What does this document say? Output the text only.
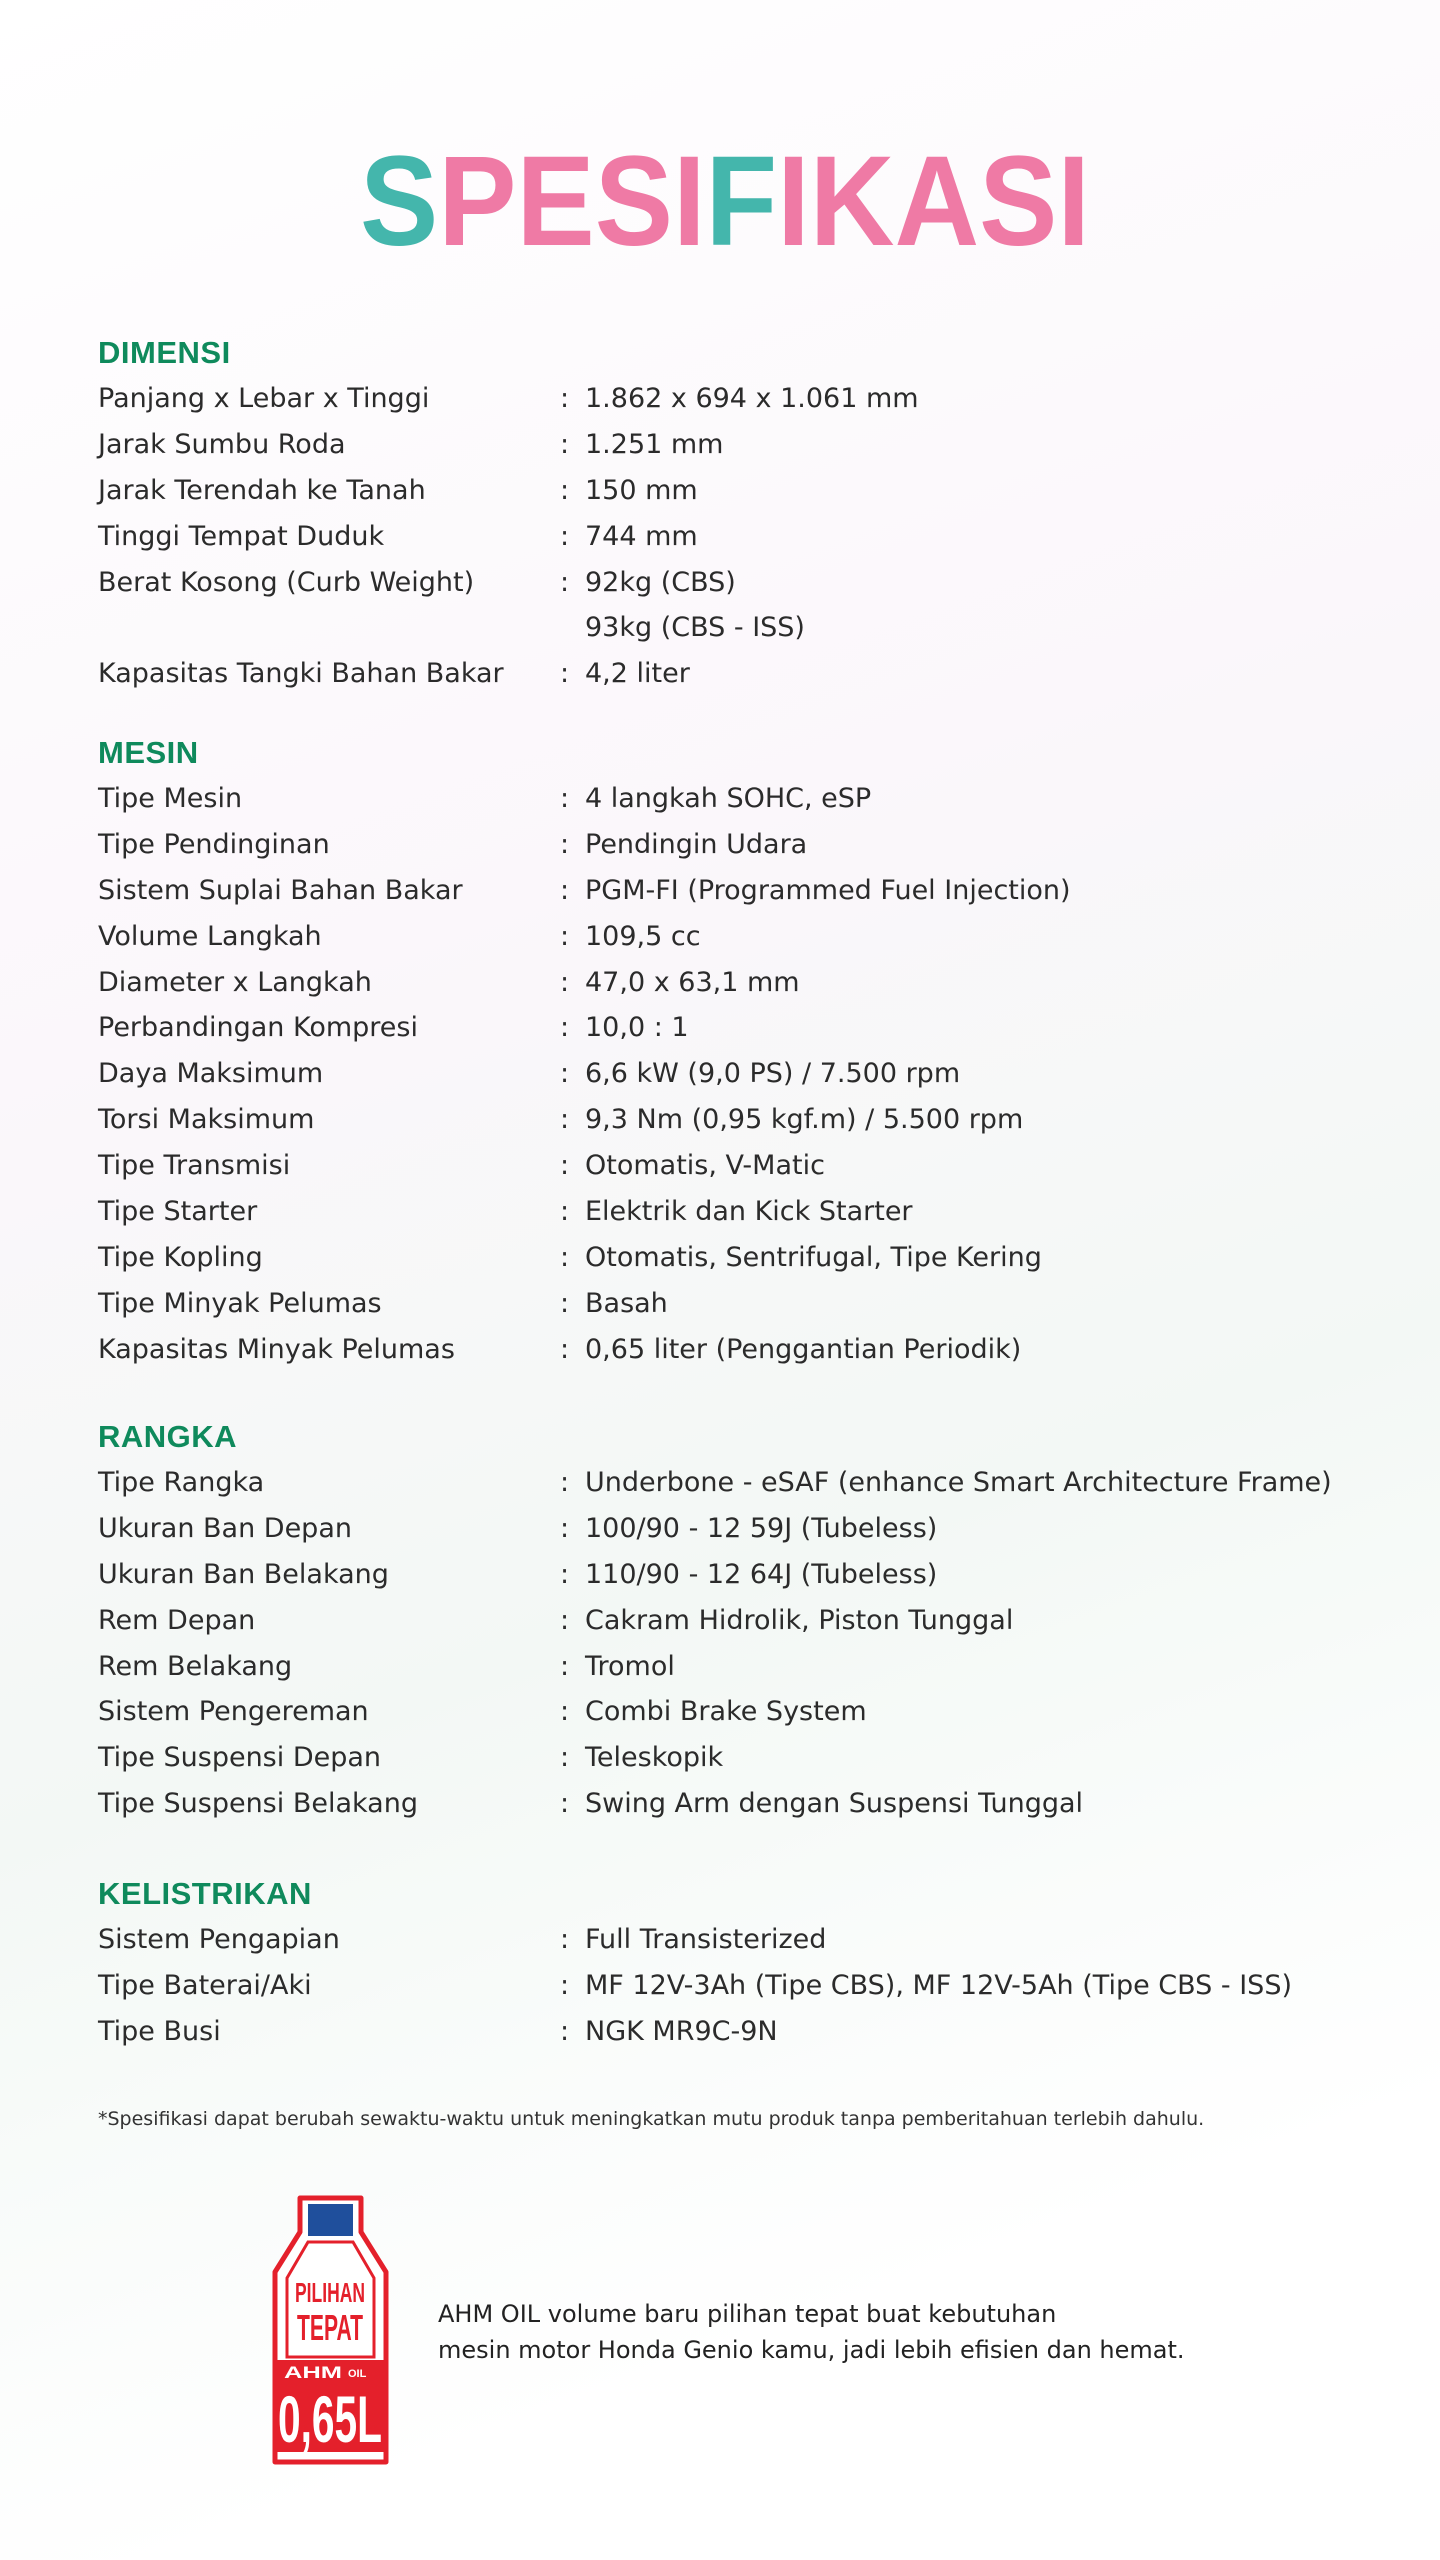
SPESIFIKASI
DIMENSI
Panjang x Lebar x Tinggi	: 1.862 x 694 x 1.061 mm
Jarak Sumbu Roda	: 1.251 mm
Jarak Terendah ke Tanah	: 150 mm
Tinggi Tempat Duduk	: 744 mm
Berat Kosong (Curb Weight)	: 92kg (CBS)
93kg (CBS - ISS)
Kapasitas Tangki Bahan Bakar	: 4,2 liter
MESIN
Tipe Mesin	: 4 langkah SOHC, eSP
Tipe Pendinginan	: Pendingin Udara
Sistem Suplai Bahan Bakar	: PGM-FI (Programmed Fuel Injection)
Volume Langkah	: 109,5 cc
Diameter x Langkah	: 47,0 x 63,1 mm
Perbandingan Kompresi	: 10,0 : 1
Daya Maksimum	: 6,6 kW (9,0 PS) / 7.500 rpm
Torsi Maksimum	: 9,3 Nm (0,95 kgf.m) / 5.500 rpm
Tipe Transmisi	: Otomatis, V-Matic
Tipe Starter	: Elektrik dan Kick Starter
Tipe Kopling	: Otomatis, Sentrifugal, Tipe Kering
Tipe Minyak Pelumas	: Basah
Kapasitas Minyak Pelumas	: 0,65 liter (Penggantian Periodik)
RANGKA
Tipe Rangka	: Underbone - eSAF (enhance Smart Architecture Frame)
Ukuran Ban Depan	: 100/90 - 12 59J (Tubeless)
Ukuran Ban Belakang	: 110/90 - 12 64J (Tubeless)
Rem Depan	: Cakram Hidrolik, Piston Tunggal
Rem Belakang	: Tromol
Sistem Pengereman	: Combi Brake System
Tipe Suspensi Depan	: Teleskopik
Tipe Suspensi Belakang	: Swing Arm dengan Suspensi Tunggal
KELISTRIKAN
Sistem Pengapian	: Full Transisterized
Tipe Baterai/Aki	: MF 12V-3Ah (Tipe CBS), MF 12V-5Ah (Tipe CBS - ISS)
Tipe Busi	: NGK MR9C-9N
*Spesifikasi dapat berubah sewaktu-waktu untuk meningkatkan mutu produk tanpa pemberitahuan terlebih dahulu.
PILIHAN
TEPAT
AHM OIL
0,65L
AHM OIL volume baru pilihan tepat buat kebutuhan
mesin motor Honda Genio kamu, jadi lebih efisien dan hemat.
